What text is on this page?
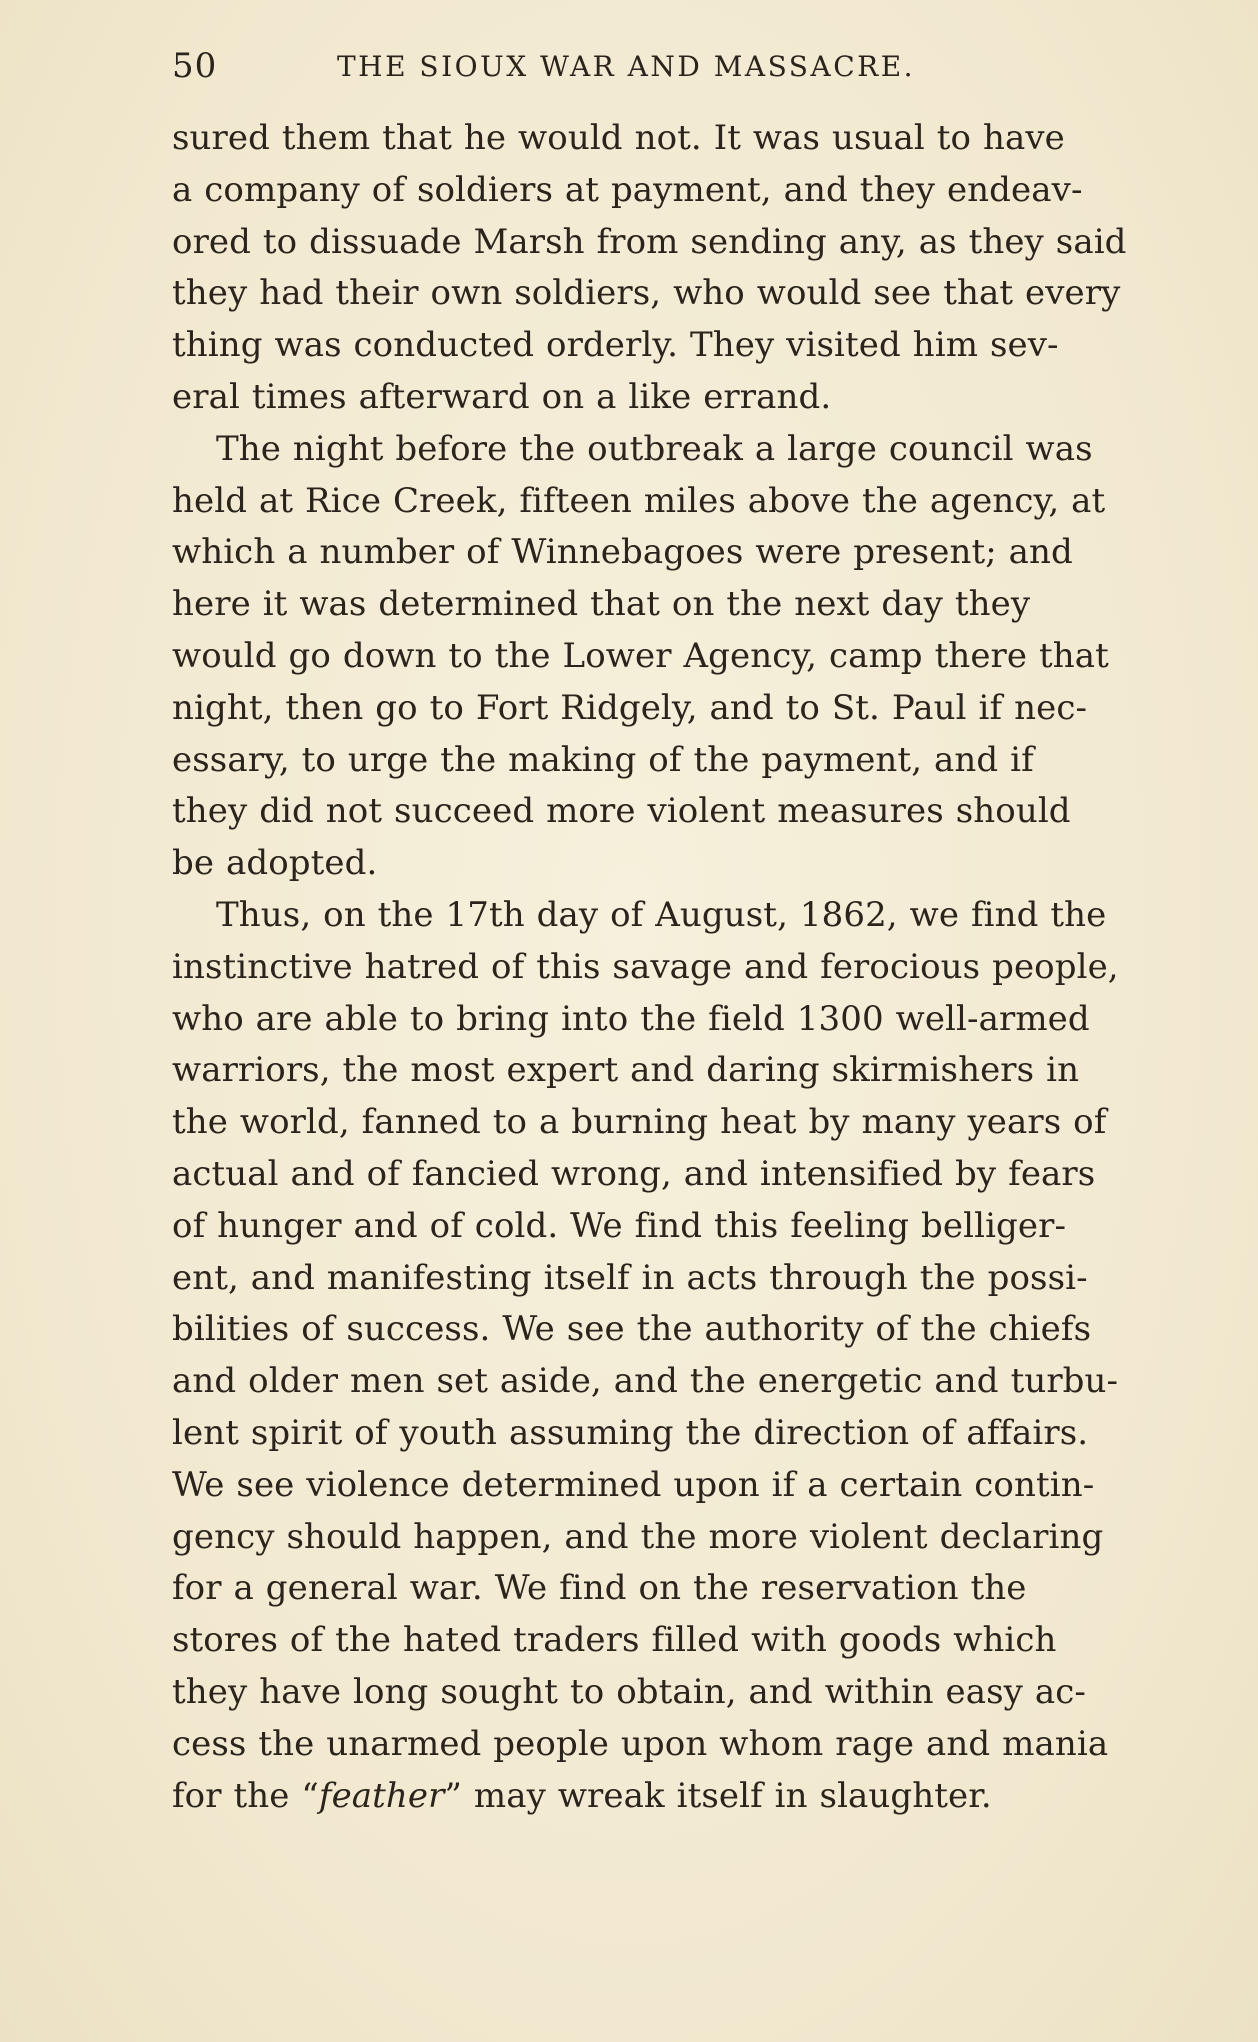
50	THE SIOUX WAR AND MASSACRE.
sured them that he would not. It was usual to have
a company of soldiers at payment, and they endeav-
ored to dissuade Marsh from sending any, as they said
they had their own soldiers, who would see that every
thing was conducted orderly. They visited him sev-
eral times afterward on a like errand.
The night before the outbreak a large council was
held at Rice Creek, fifteen miles above the agency, at
which a number of Winnebagoes were present; and
here it was determined that on the next day they
would go down to the Lower Agency, camp there that
night, then go to Fort Ridgely, and to St. Paul if nec-
essary, to urge the making of the payment, and if
they did not succeed more violent measures should
be adopted.
Thus, on the 17th day of August, 1862, we find the
instinctive hatred of this savage and ferocious people,
who are able to bring into the field 1300 well-armed
warriors, the most expert and daring skirmishers in
the world, fanned to a burning heat by many years of
actual and of fancied wrong, and intensified by fears
of hunger and of cold. We find this feeling belliger-
ent, and manifesting itself in acts through the possi-
bilities of success. We see the authority of the chiefs
and older men set aside, and the energetic and turbu-
lent spirit of youth assuming the direction of affairs.
We see violence determined upon if a certain contin-
gency should happen, and the more violent declaring
for a general war. We find on the reservation the
stores of the hated traders filled with goods which
they have long sought to obtain, and within easy ac-
cess the unarmed people upon whom rage and mania
for the “feather” may wreak itself in slaughter.
